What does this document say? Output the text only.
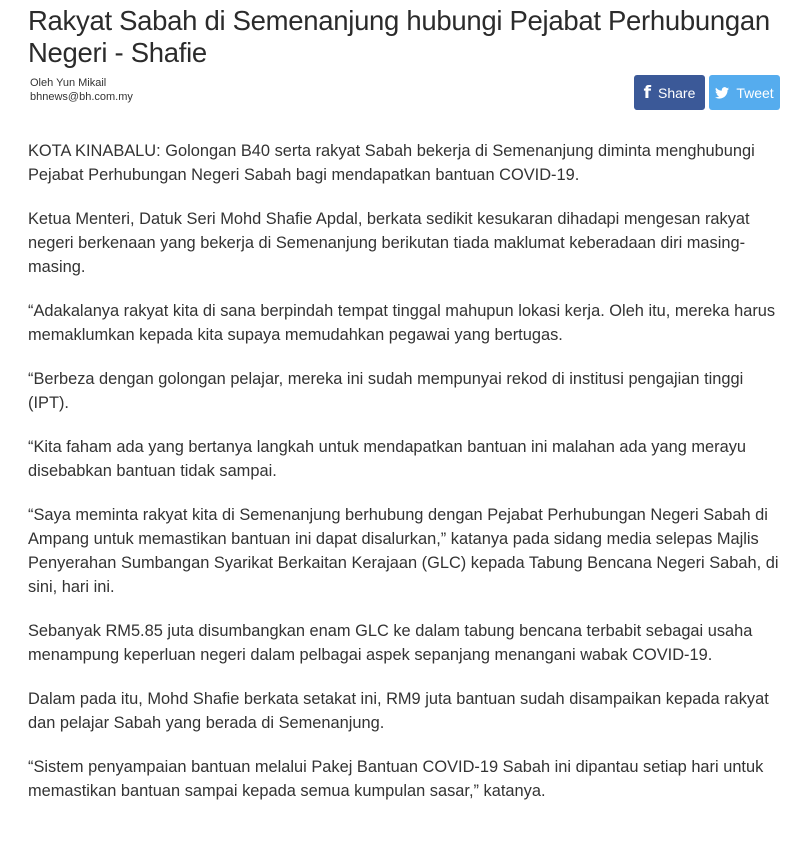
Rakyat Sabah di Semenanjung hubungi Pejabat Perhubungan Negeri - Shafie
Oleh Yun Mikail
bhnews@bh.com.my	f Share	Tweet

KOTA KINABALU: Golongan B40 serta rakyat Sabah bekerja di Semenanjung diminta menghubungi Pejabat Perhubungan Negeri Sabah bagi mendapatkan bantuan COVID-19.

Ketua Menteri, Datuk Seri Mohd Shafie Apdal, berkata sedikit kesukaran dihadapi mengesan rakyat negeri berkenaan yang bekerja di Semenanjung berikutan tiada maklumat keberadaan diri masing-masing.

“Adakalanya rakyat kita di sana berpindah tempat tinggal mahupun lokasi kerja. Oleh itu, mereka harus memaklumkan kepada kita supaya memudahkan pegawai yang bertugas.

“Berbeza dengan golongan pelajar, mereka ini sudah mempunyai rekod di institusi pengajian tinggi (IPT).

“Kita faham ada yang bertanya langkah untuk mendapatkan bantuan ini malahan ada yang merayu disebabkan bantuan tidak sampai.

“Saya meminta rakyat kita di Semenanjung berhubung dengan Pejabat Perhubungan Negeri Sabah di Ampang untuk memastikan bantuan ini dapat disalurkan,” katanya pada sidang media selepas Majlis Penyerahan Sumbangan Syarikat Berkaitan Kerajaan (GLC) kepada Tabung Bencana Negeri Sabah, di sini, hari ini.

Sebanyak RM5.85 juta disumbangkan enam GLC ke dalam tabung bencana terbabit sebagai usaha menampung keperluan negeri dalam pelbagai aspek sepanjang menangani wabak COVID-19.

Dalam pada itu, Mohd Shafie berkata setakat ini, RM9 juta bantuan sudah disampaikan kepada rakyat dan pelajar Sabah yang berada di Semenanjung.

“Sistem penyampaian bantuan melalui Pakej Bantuan COVID-19 Sabah ini dipantau setiap hari untuk memastikan bantuan sampai kepada semua kumpulan sasar,” katanya.
